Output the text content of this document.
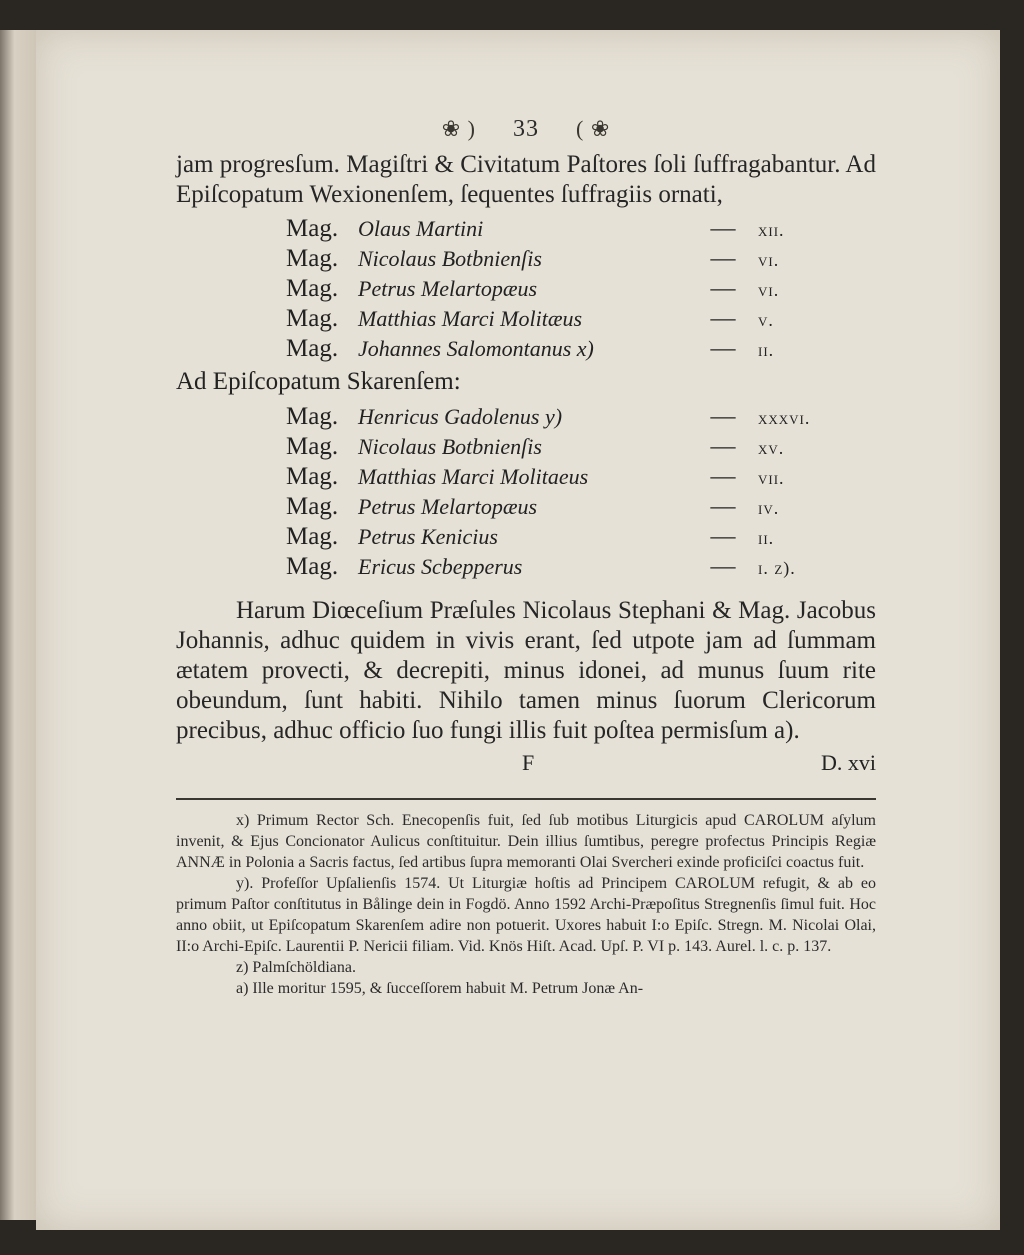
❀ ) 33 ( ❀
jam progresſum. Magiſtri & Civitatum Paſtores ſoli ſuffragabantur. Ad Epiſcopatum Wexionenſem, ſequentes ſuffragiis ornati,
Mag. Olaus Martini	—	xii.
Mag. Nicolaus Botbnienſis	—	vi.
Mag. Petrus Melartopæus	—	vi.
Mag. Matthias Marci Molitæus	—	v.
Mag. Johannes Salomontanus x)	—	ii.
Ad Epiſcopatum Skarenſem:
Mag. Henricus Gadolenus y)	—	xxxvi.
Mag. Nicolaus Botbnienſis	—	xv.
Mag. Matthias Marci Molitaeus	—	vii.
Mag. Petrus Melartopæus	—	iv.
Mag. Petrus Kenicius	—	ii.
Mag. Ericus Scbepperus	—	i. z).
Harum Diœceſium Præſules Nicolaus Stephani & Mag. Jacobus Johannis, adhuc quidem in vivis erant, ſed utpote jam ad ſummam ætatem provecti, & decrepiti, minus idonei, ad munus ſuum rite obeundum, ſunt habiti. Nihilo tamen minus ſuorum Clericorum precibus, adhuc officio ſuo fungi illis fuit poſtea permisſum a).
F	D. xvi
x) Primum Rector Sch. Enecopenſis fuit, ſed ſub motibus Liturgicis apud CAROLUM aſylum invenit, & Ejus Concionator Aulicus conſtituitur. Dein illius ſumtibus, peregre profectus Principis Regiæ ANNÆ in Polonia a Sacris factus, ſed artibus ſupra memoranti Olai Svercheri exinde proficiſci coactus fuit.
y). Profeſſor Upſalienſis 1574. Ut Liturgiæ hoſtis ad Principem CAROLUM refugit, & ab eo primum Paſtor conſtitutus in Bålinge dein in Fogdö. Anno 1592 Archi-Præpoſitus Stregnenſis ſimul fuit. Hoc anno obiit, ut Epiſcopatum Skarenſem adire non potuerit. Uxores habuit I:o Epiſc. Stregn. M. Nicolai Olai, II:o Archi-Epiſc. Laurentii P. Nericii filiam. Vid. Knös Hiſt. Acad. Upſ. P. VI p. 143. Aurel. l. c. p. 137.
z) Palmſchöldiana.
a) Ille moritur 1595, & ſucceſſorem habuit M. Petrum Jonæ An-
